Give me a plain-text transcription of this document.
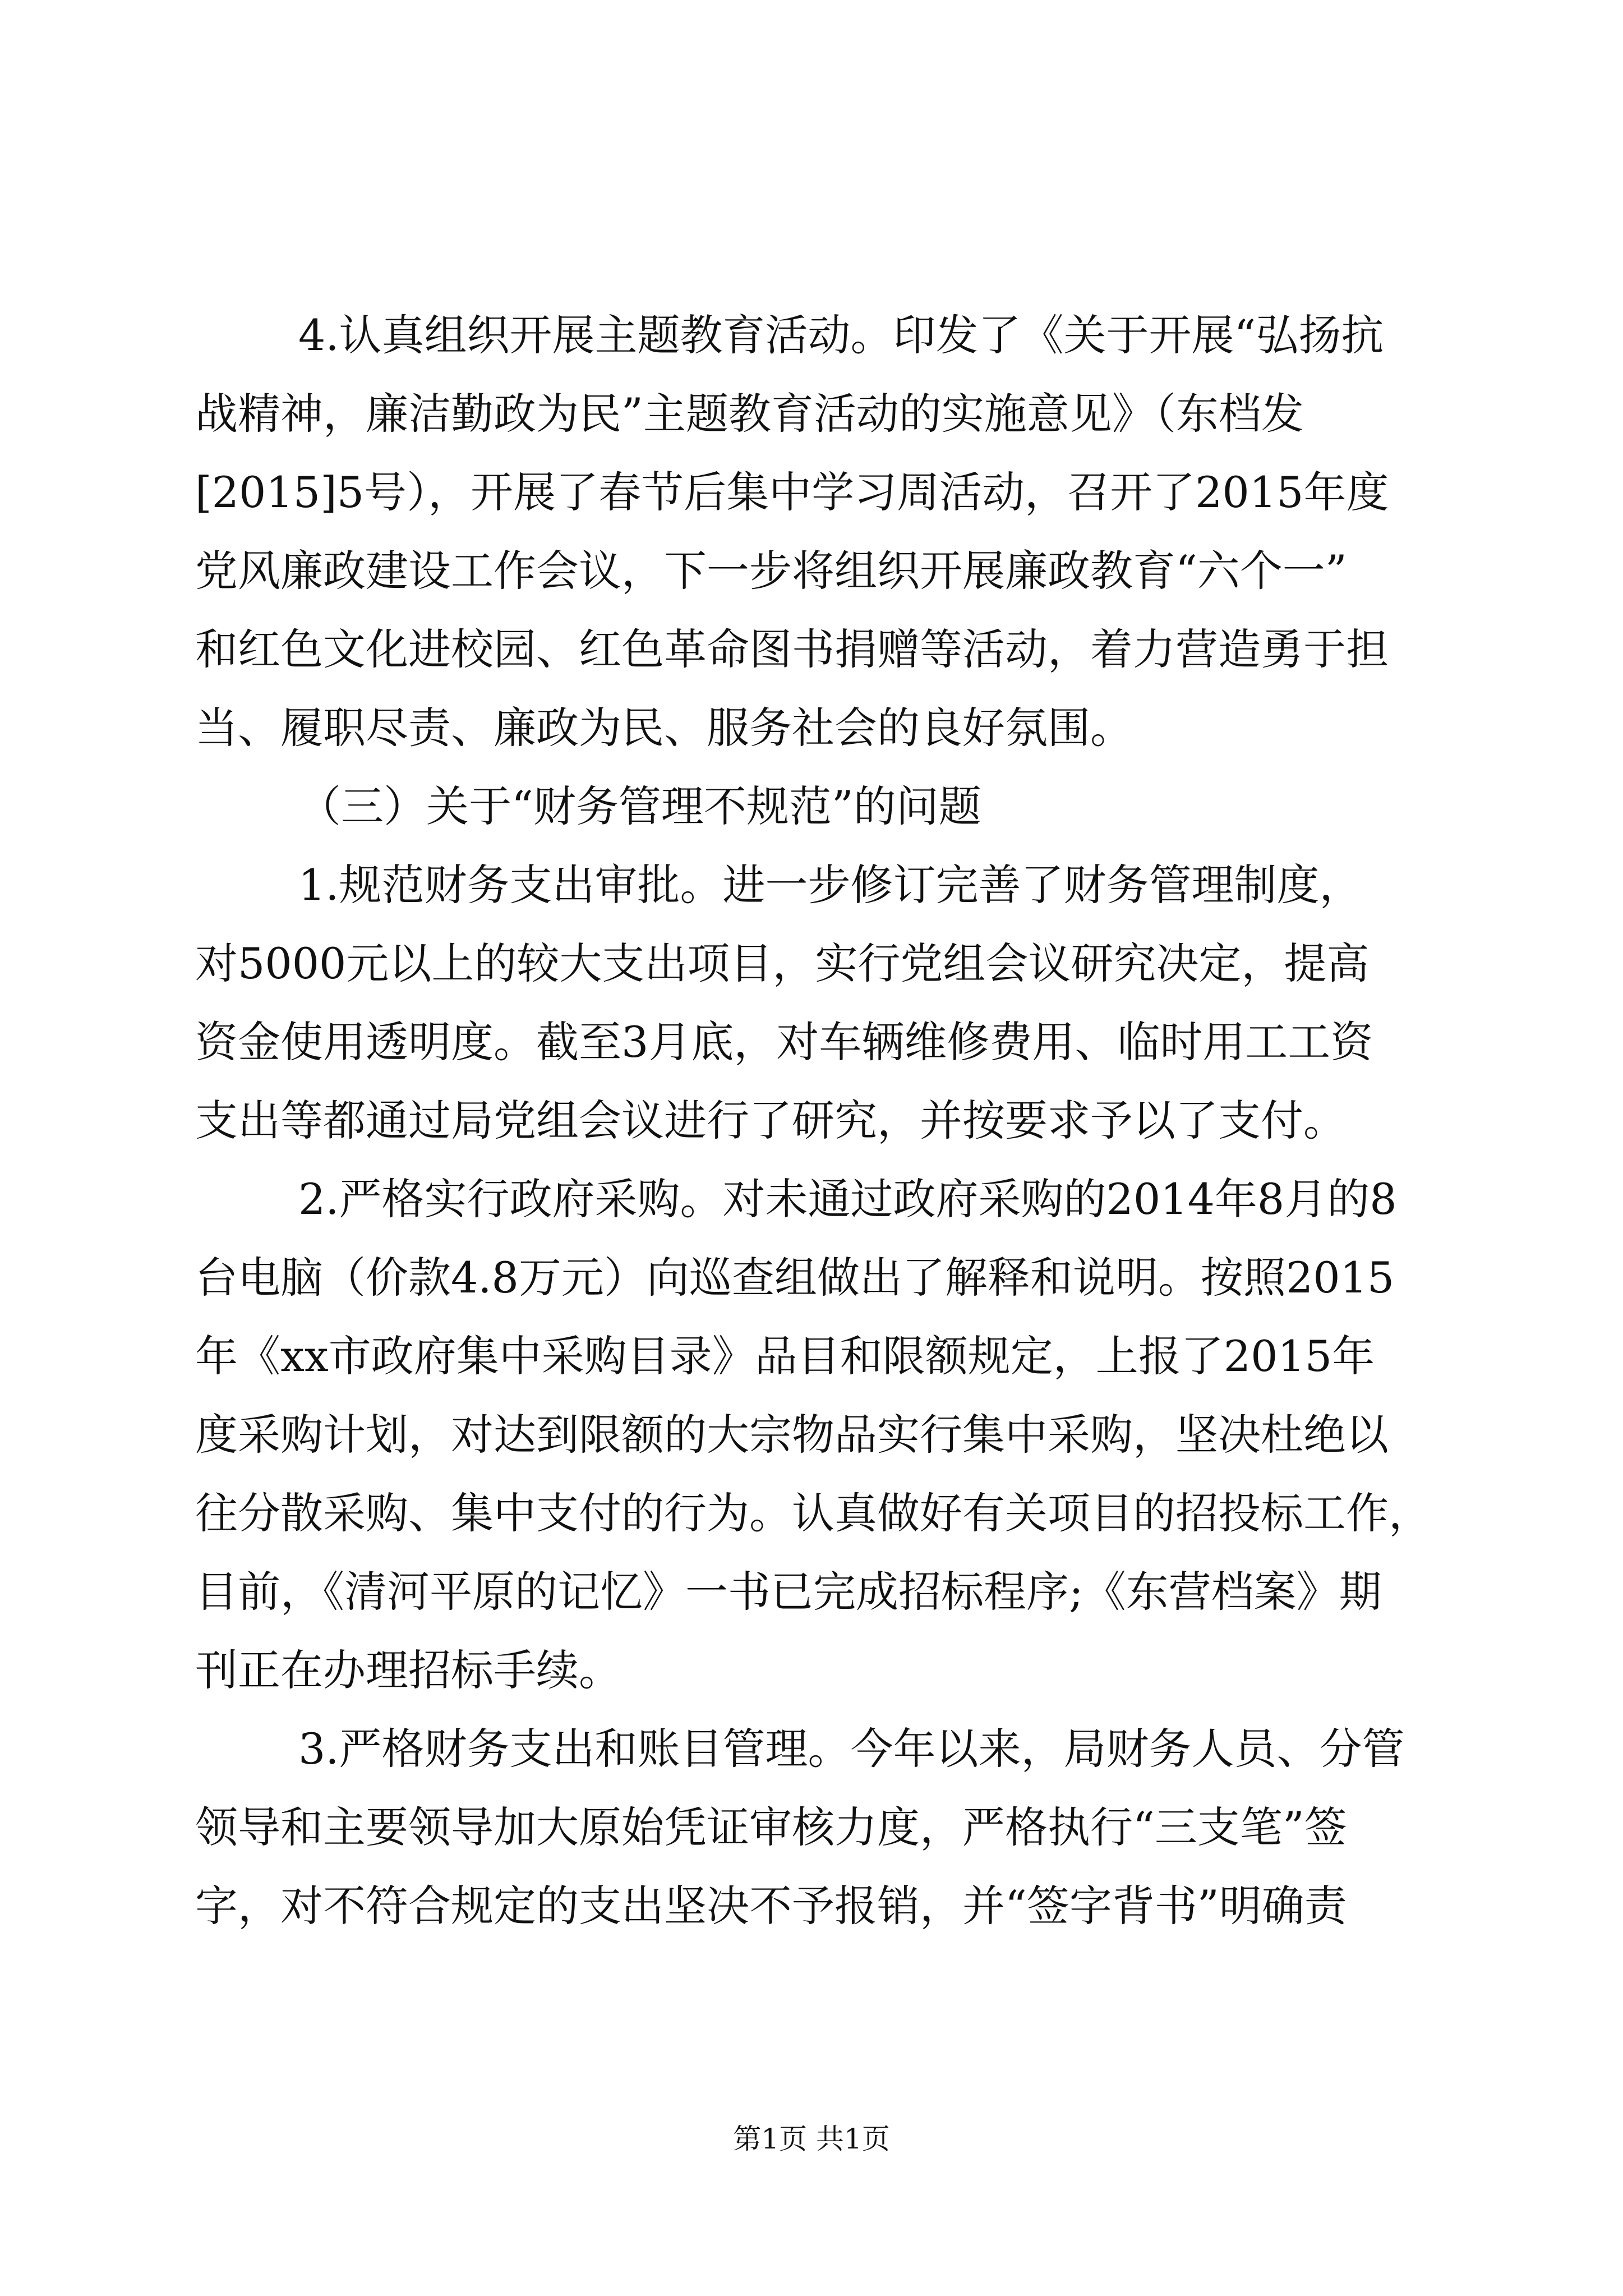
4.认真组织开展主题教育活动。印发了《关于开展“弘扬抗

战精神，廉洁勤政为民”主题教育活动的实施意见》（东档发

[2015]5号），开展了春节后集中学习周活动，召开了2015年度

党风廉政建设工作会议，下一步将组织开展廉政教育“六个一”

和红色文化进校园、红色革命图书捐赠等活动，着力营造勇于担

当、履职尽责、廉政为民、服务社会的良好氛围。

（三）关于“财务管理不规范”的问题

1.规范财务支出审批。进一步修订完善了财务管理制度，

对5000元以上的较大支出项目，实行党组会议研究决定，提高

资金使用透明度。截至3月底，对车辆维修费用、临时用工工资

支出等都通过局党组会议进行了研究，并按要求予以了支付。

2.严格实行政府采购。对未通过政府采购的2014年8月的8

台电脑（价款4.8万元）向巡查组做出了解释和说明。按照2015

年《xx市政府集中采购目录》品目和限额规定，上报了2015年

度采购计划，对达到限额的大宗物品实行集中采购，坚决杜绝以

往分散采购、集中支付的行为。认真做好有关项目的招投标工作，

目前，《清河平原的记忆》一书已完成招标程序;《东营档案》期

刊正在办理招标手续。

3.严格财务支出和账目管理。今年以来，局财务人员、分管

领导和主要领导加大原始凭证审核力度，严格执行“三支笔”签

字，对不符合规定的支出坚决不予报销，并“签字背书”明确责

第1页 共1页
